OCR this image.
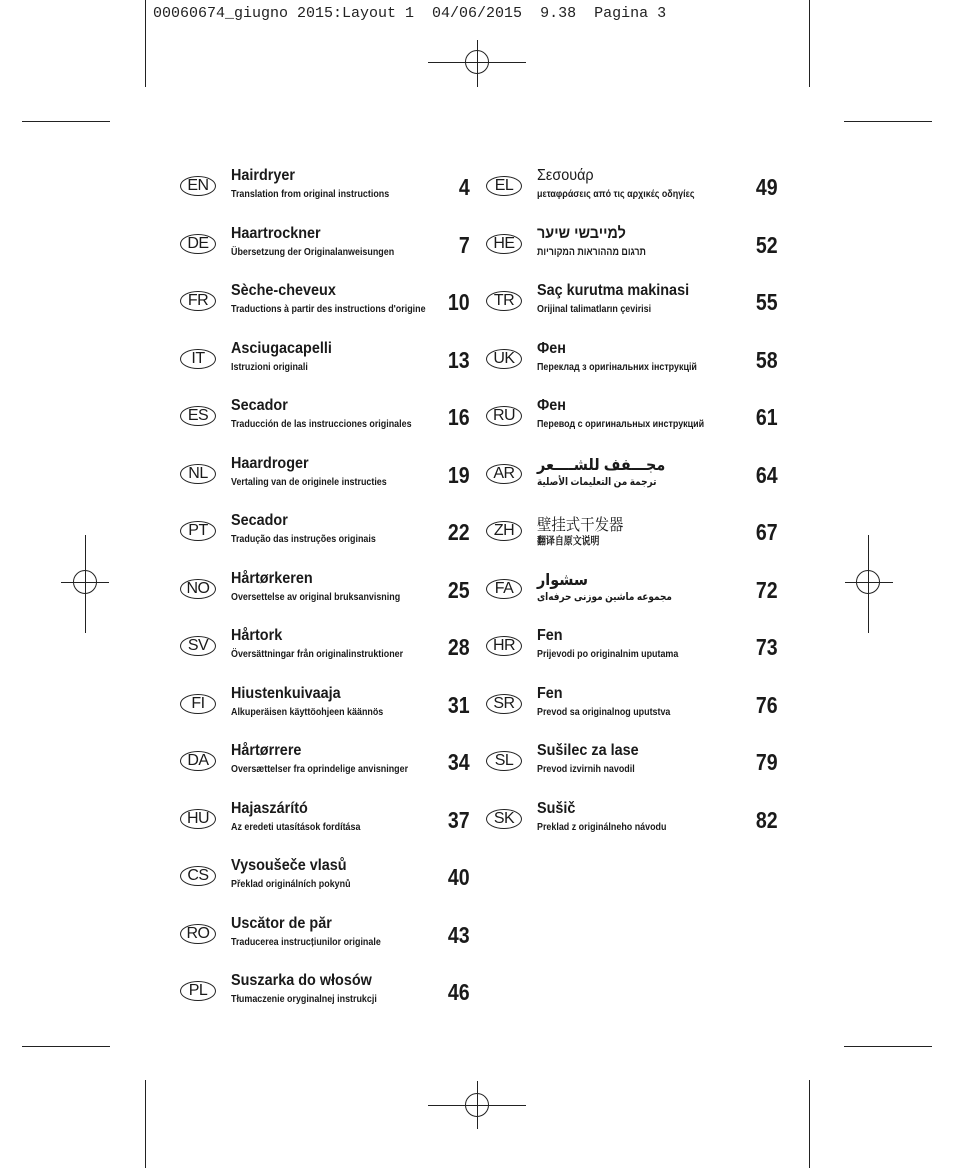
00060674_giugno 2015:Layout 1  04/06/2015  9.38  Pagina 3
EN
Hairdryer
Translation from original instructions	4
DE
Haartrockner
Übersetzung der Originalanweisungen	7
FR
Sèche-cheveux
Traductions à partir des instructions d'origine 10
IT
Asciugacapelli
Istruzioni originali	13
ES
Secador
Traducción de las instrucciones originales 16
NL
Haardroger
Vertaling van de originele instructies	19
PT
Secador
Tradução das instruções originais	22
NO
Hårtørkeren
Oversettelse av original bruksanvisning 25
SV
Hårtork
Översättningar från originalinstruktioner 28
FI
Hiustenkuivaaja
Alkuperäisen käyttöohjeen käännös	31
DA
Hårtørrere
Oversættelser fra oprindelige anvisninger 34
HU
Hajaszárító
Az eredeti utasítások fordítása	37
CS
Vysoušeče vlasů
Překlad originálních pokynů	40
RO
Uscător de păr
Traducerea instrucțiunilor originale	43
PL
Suszarka do włosów
Tłumaczenie oryginalnej instrukcji	46
EL
Σεσουάρ
μεταφράσεις από τις αρχικές οδηγίες	49
HE
למייבשי שיער
תרגום מההוראות המקוריות	52
TR
Saç kurutma makinasi
Orijinal talimatların çevirisi	55
UK
Фен
Переклад з оригінальних інструкцій	58
RU
Фен
Перевод с оригинальных инструкций 61
AR	مجـــفف للشــــعر
ترجمة من التعليمات الأصلية	64
ZH	壁挂式干发器
翻译自原文说明	67
FA	سشوار
مجموعه ماشین موزنی حرفه‌ای	72
HR
Fen
Prijevodi po originalnim uputama	73
SR
Fen
Prevod sa originalnog uputstva	76
SL
Sušilec za lase
Prevod izvirnih navodil	79
SK
Sušič
Preklad z originálneho návodu	82
